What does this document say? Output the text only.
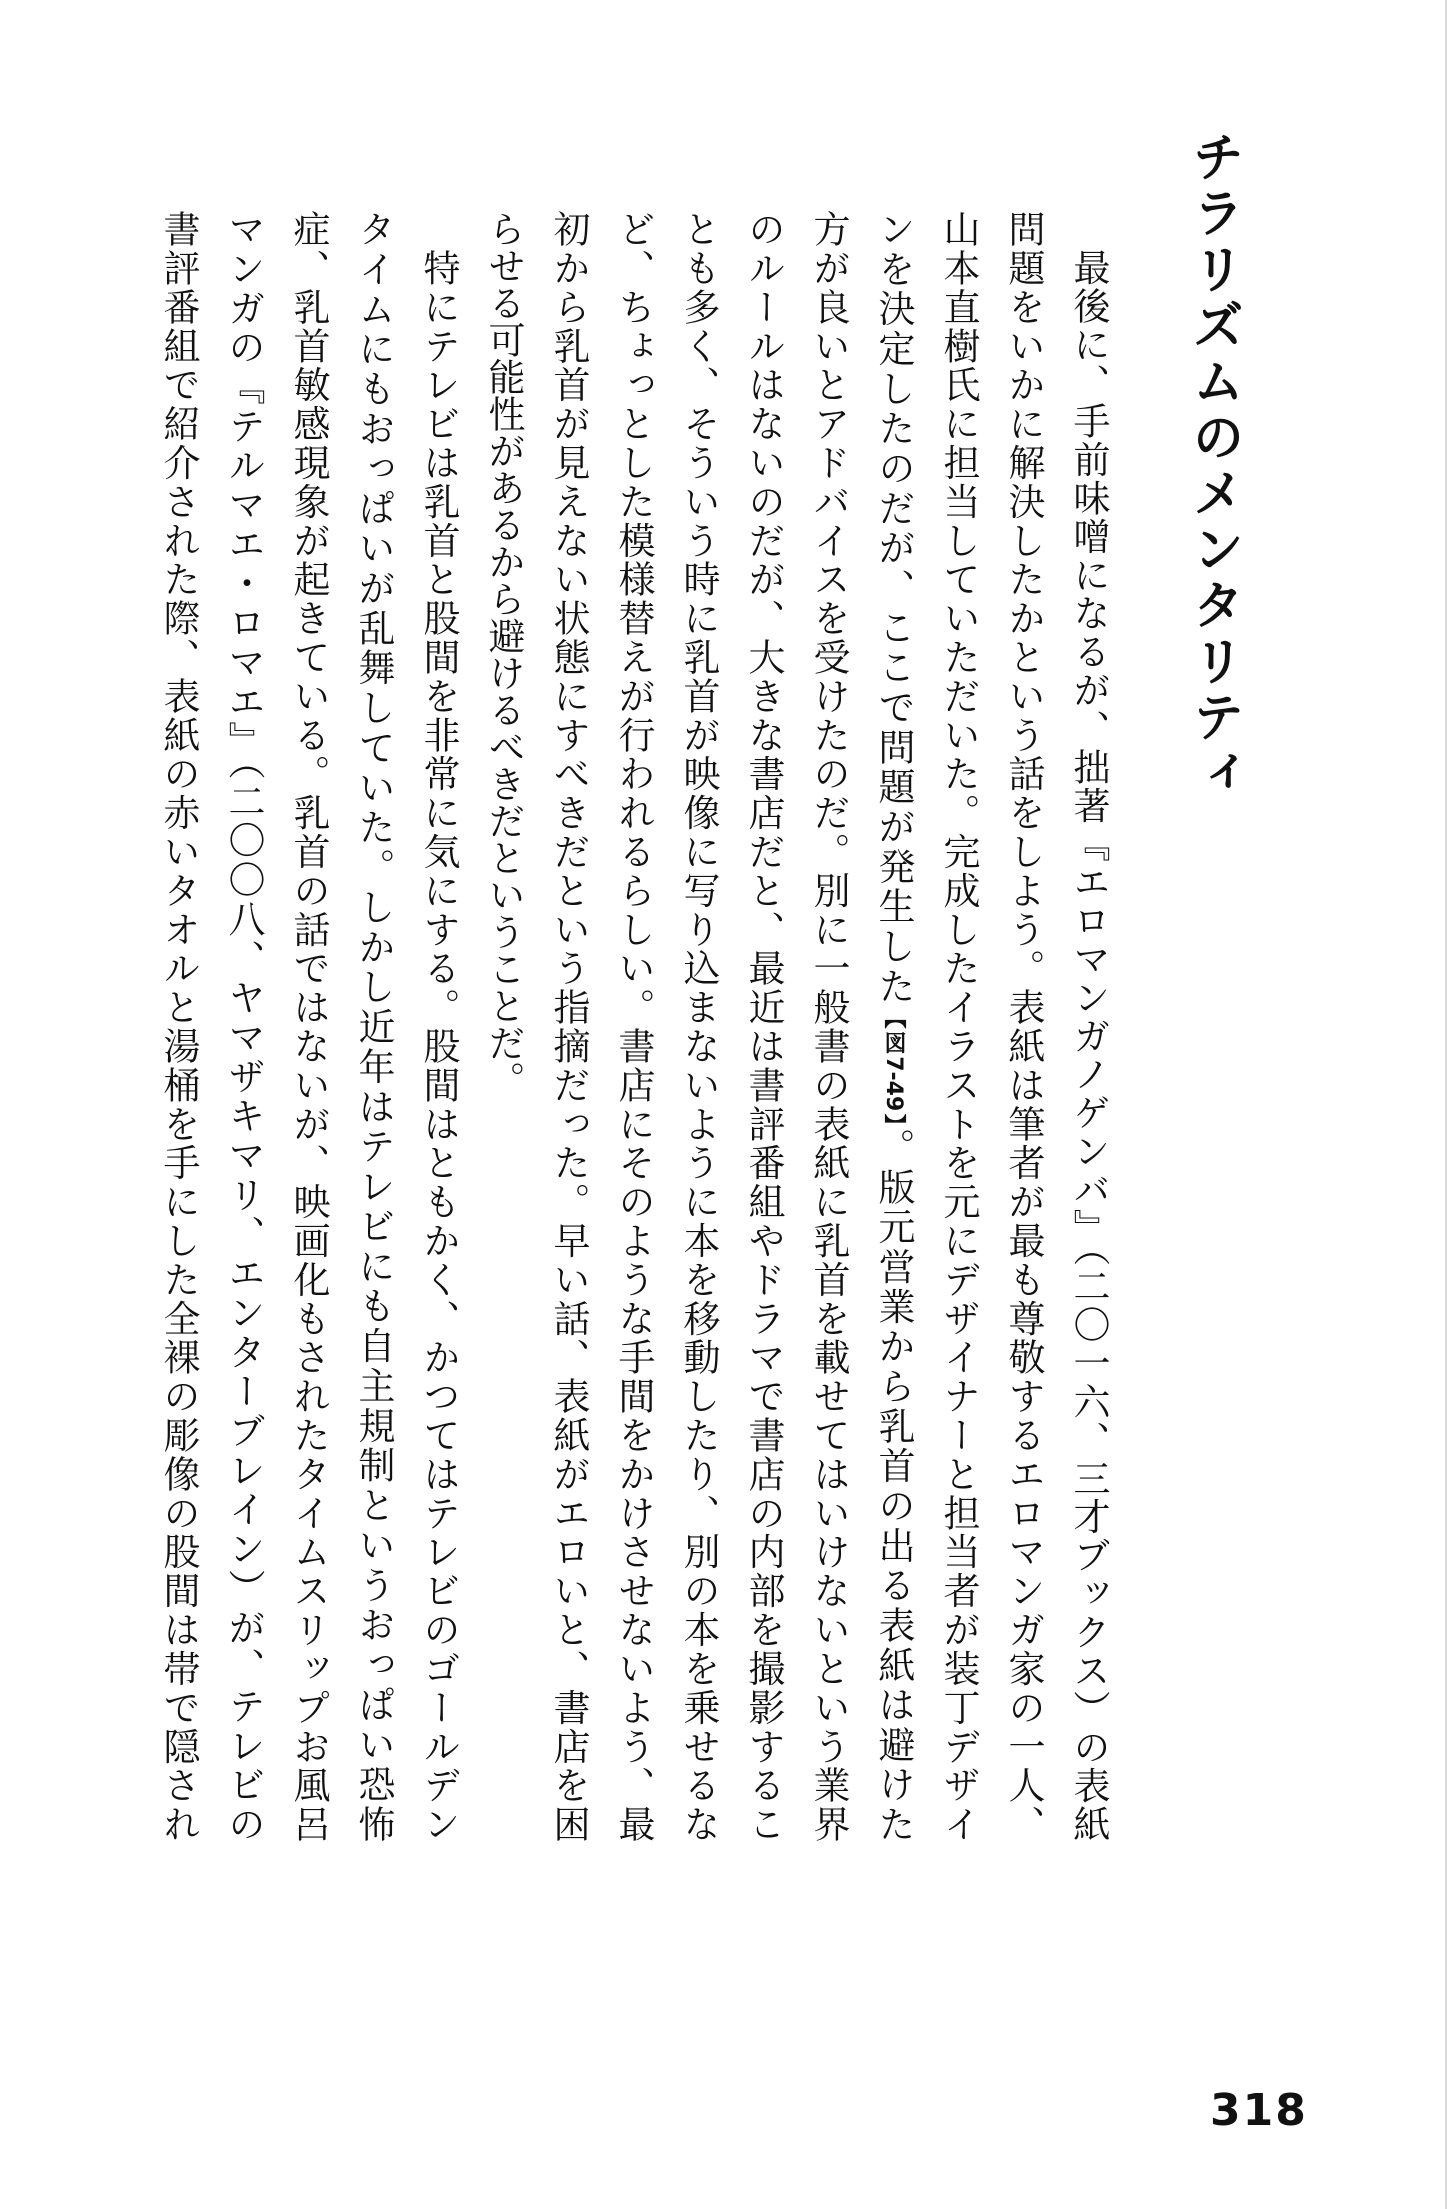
チラリズムのメンタリティ
　最後に、手前味噌になるが、拙著『エロマンガノゲンバ』（二〇一六、三才ブックス）の表紙
問題をいかに解決したかという話をしよう。表紙は筆者が最も尊敬するエロマンガ家の一人、
山本直樹氏に担当していただいた。完成したイラストを元にデザイナーと担当者が装丁デザイ
ンを決定したのだが、ここで問題が発生した【図7-49】。版元営業から乳首の出る表紙は避けた
方が良いとアドバイスを受けたのだ。別に一般書の表紙に乳首を載せてはいけないという業界
のルールはないのだが、大きな書店だと、最近は書評番組やドラマで書店の内部を撮影するこ
とも多く、そういう時に乳首が映像に写り込まないように本を移動したり、別の本を乗せるな
ど、ちょっとした模様替えが行われるらしい。書店にそのような手間をかけさせないよう、最
初から乳首が見えない状態にすべきだという指摘だった。早い話、表紙がエロいと、書店を困
らせる可能性があるから避けるべきだということだ。
　特にテレビは乳首と股間を非常に気にする。股間はともかく、かつてはテレビのゴールデン
タイムにもおっぱいが乱舞していた。しかし近年はテレビにも自主規制というおっぱい恐怖
症、乳首敏感現象が起きている。乳首の話ではないが、映画化もされたタイムスリップお風呂
マンガの『テルマエ・ロマエ』（二〇〇八、ヤマザキマリ、エンターブレイン）が、テレビの
書評番組で紹介された際、表紙の赤いタオルと湯桶を手にした全裸の彫像の股間は帯で隠され
318
